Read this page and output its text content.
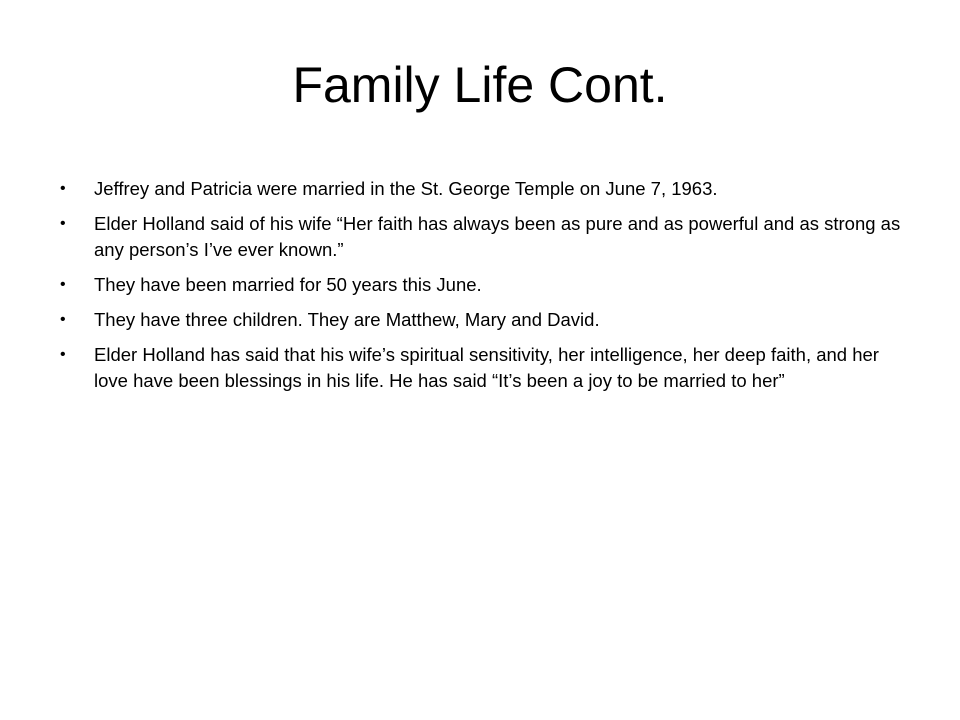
Family Life Cont.
• Jeffrey and Patricia were married in the St. George Temple on June 7, 1963.
• Elder Holland said of his wife “Her faith has always been as pure and as powerful and as strong as any person’s I’ve ever known.”
• They have been married for 50 years this June.
• They have three children. They are Matthew, Mary and David.
• Elder Holland has said that his wife’s spiritual sensitivity, her intelligence, her deep faith, and her love have been blessings in his life. He has said “It’s been a joy to be married to her”
